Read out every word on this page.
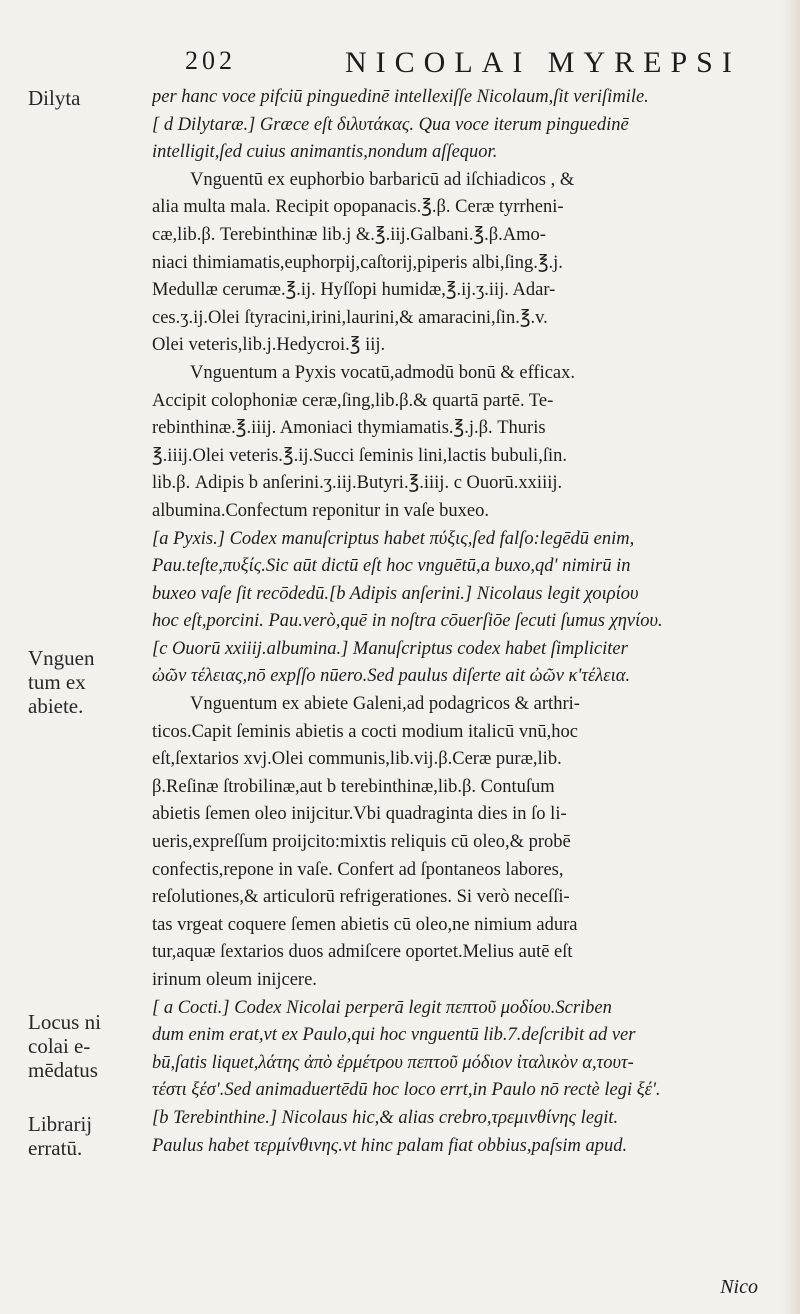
202	NICOLAI MYREPSI
Dilyta
Vnguen tum ex abiete.
Locus ni colai e- mēdatus
Librarij erratū.
per hanc voce pifciū pinguedinē intellexiſſe Nicolaum,ſit veriſimile.
[ d Dilytaræ.] Græce eſt διλυτάκας. Qua voce iterum pinguedinē
intelligit,ſed cuius animantis,nondum aſſequor.
Vnguentū ex euphorbio barbaricū ad iſchiadicos , &
alia multa mala. Recipit opopanacis.℥.β. Ceræ tyrrheni-
cæ,lib.β. Terebinthinæ lib.j &.℥.iij.Galbani.℥.β.Amo-
niaci thimiamatis,euphorpij,caſtorij,piperis albi,ſing.℥.j.
Medullæ cerumæ.℥.ij. Hyſſopi humidæ,℥.ij.ʒ.iij. Adar-
ces.ʒ.ij.Olei ſtyracini,irini,laurini,& amaracini,ſin.℥.v.
Olei veteris,lib.j.Hedycroi.℥ iij.
Vnguentum a Pyxis vocatū,admodū bonū & efficax.
Accipit colophoniæ ceræ,ſing,lib.β.& quartā partē. Te-
rebinthinæ.℥.iiij. Amoniaci thymiamatis.℥.j.β. Thuris
℥.iiij.Olei veteris.℥.ij.Succi ſeminis lini,lactis bubuli,ſin.
lib.β. Adipis b anſerini.ʒ.iij.Butyri.℥.iiij. c Ouorū.xxiiij.
albumina.Confectum reponitur in vaſe buxeo.
[a Pyxis.] Codex manuſcriptus habet πύξις,ſed falſo:legēdū enim,
Pau.teſte,πυξίς.Sic aūt dictū eſt hoc vnguētū,a buxo,qd' nimirū in
buxeo vaſe ſit recōdedū.[b Adipis anſerini.] Nicolaus legit χοιρίου
hoc eſt,porcini. Pau.verò,quē in noſtra cōuerſiōe ſecuti ſumus χηνίου.
[c Ouorū xxiiij.albumina.] Manuſcriptus codex habet ſimpliciter
ὠῶν τέλειας,nō expſſo nūero.Sed paulus diſerte ait ὠῶν κ'τέλεια.
Vnguentum ex abiete Galeni,ad podagricos & arthri-
ticos.Capit ſeminis abietis a cocti modium italicū vnū,hoc
eſt,ſextarios xvj.Olei communis,lib.vij.β.Ceræ puræ,lib.
β.Reſinæ ſtrobilinæ,aut b terebinthinæ,lib.β. Contuſum
abietis ſemen oleo inijcitur.Vbi quadraginta dies in ſo li-
ueris,expreſſum proijcito:mixtis reliquis cū oleo,& probē
confectis,repone in vaſe. Confert ad ſpontaneos labores,
reſolutiones,& articulorū refrigerationes. Si verò neceſſi-
tas vrgeat coquere ſemen abietis cū oleo,ne nimium adura
tur,aquæ ſextarios duos admiſcere oportet.Melius autē eſt
irinum oleum inijcere.
[ a Cocti.] Codex Nicolai perperā legit πεπτοῦ μοδίου.Scriben
dum enim erat,vt ex Paulo,qui hoc vnguentū lib.7.deſcribit ad ver
bū,ſatis liquet,λάτης ἀπὸ ἐρμέτρου πεπτοῦ μόδιον ἰταλικὸν α,τουτ-
τέστι ξέσ'.Sed animaduertēdū hoc loco errt,in Paulo nō rectè legi ξέ'.
[b Terebinthine.] Nicolaus hic,& alias crebro,τρεμινθίνης legit.
Paulus habet τερμίνθινης.vt hinc palam fiat obbius,paſsim apud.
Nico
